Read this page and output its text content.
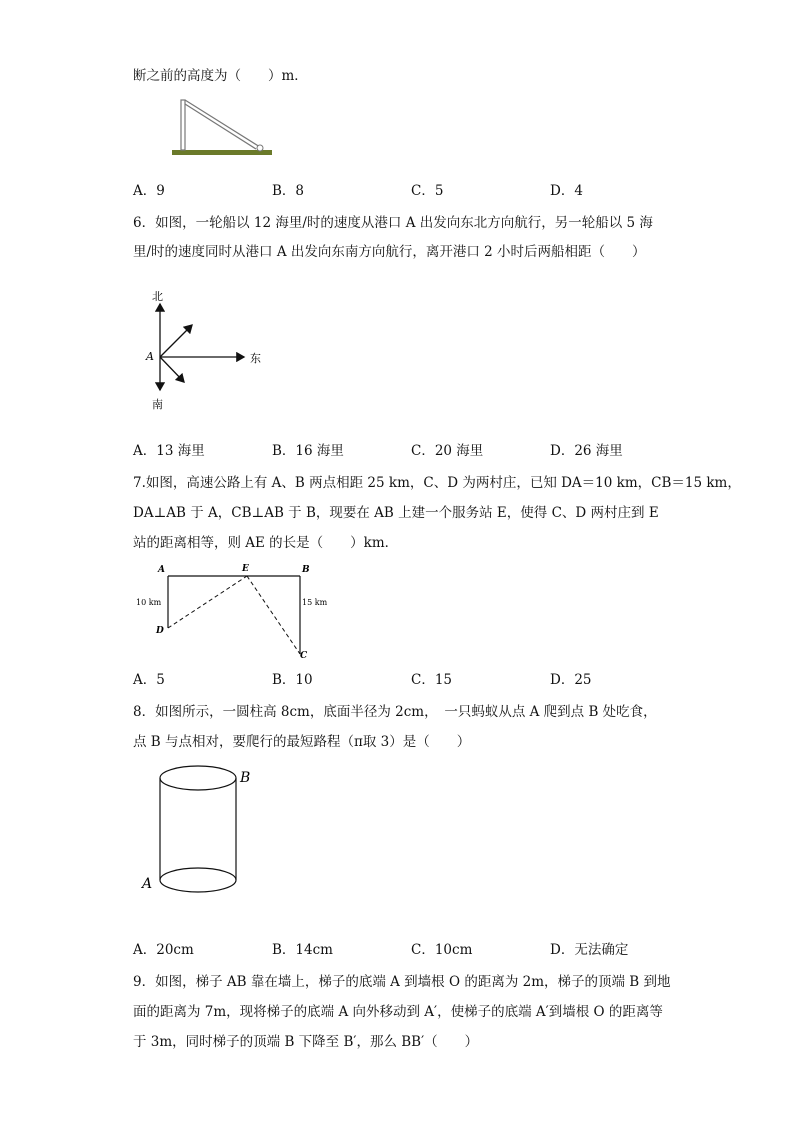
断之前的高度为（　　）m．
A．9	B．8	C．5	D．4
6．如图，一轮船以 12 海里/时的速度从港口 A 出发向东北方向航行，另一轮船以 5 海
里/时的速度同时从港口 A 出发向东南方向航行，离开港口 2 小时后两船相距（　　）
北
东
南
A
A．13 海里	B．16 海里	C．20 海里	D．26 海里
7.如图，高速公路上有 A、B 两点相距 25 km，C、D 为两村庄，已知 DA＝10 km，CB＝15 km，
DA⊥AB 于 A，CB⊥AB 于 B，现要在 AB 上建一个服务站 E，使得 C、D 两村庄到 E
站的距离相等，则 AE 的长是（　　）km．
A	E	B
D
C
10 km	15 km
A．5	B．10	C．15	D．25
8．如图所示，一圆柱高 8cm，底面半径为 2cm，　一只蚂蚁从点 A 爬到点 B 处吃食，
点 B 与点相对，要爬行的最短路程（π取 3）是（　　）
A
B
A．20cm	B．14cm	C．10cm	D．无法确定
9．如图，梯子 AB 靠在墙上，梯子的底端 A 到墙根 O 的距离为 2m，梯子的顶端 B 到地
面的距离为 7m，现将梯子的底端 A 向外移动到 A′，使梯子的底端 A′到墙根 O 的距离等
于 3m，同时梯子的顶端 B 下降至 B′，那么 BB′（　　）
